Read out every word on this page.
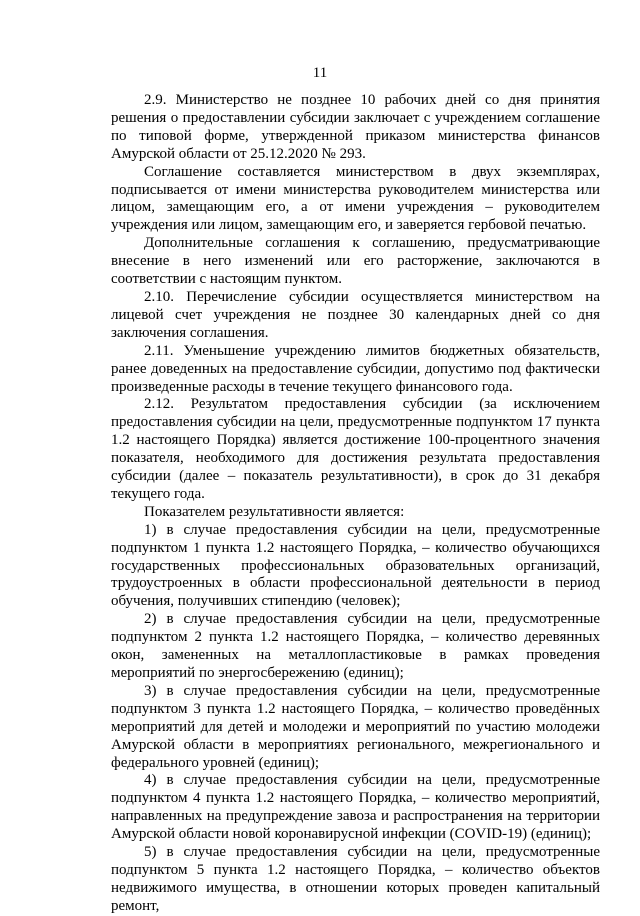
11

2.9. Министерство не позднее 10 рабочих дней со дня принятия решения о предоставлении субсидии заключает с учреждением соглашение по типовой форме, утвержденной приказом министерства финансов Амурской области от 25.12.2020 № 293.

Соглашение составляется министерством в двух экземплярах, подписывается от имени министерства руководителем министерства или лицом, замещающим его, а от имени учреждения – руководителем учреждения или лицом, замещающим его, и заверяется гербовой печатью.

Дополнительные соглашения к соглашению, предусматривающие внесение в него изменений или его расторжение, заключаются в соответствии с настоящим пунктом.

2.10. Перечисление субсидии осуществляется министерством на лицевой счет учреждения не позднее 30 календарных дней со дня заключения соглашения.

2.11. Уменьшение учреждению лимитов бюджетных обязательств, ранее доведенных на предоставление субсидии, допустимо под фактически произведенные расходы в течение текущего финансового года.

2.12. Результатом предоставления субсидии (за исключением предоставления субсидии на цели, предусмотренные подпунктом 17 пункта 1.2 настоящего Порядка) является достижение 100-процентного значения показателя, необходимого для достижения результата предоставления субсидии (далее – показатель результативности), в срок до 31 декабря текущего года.

Показателем результативности является:

1) в случае предоставления субсидии на цели, предусмотренные подпунктом 1 пункта 1.2 настоящего Порядка, – количество обучающихся государственных профессиональных образовательных организаций, трудоустроенных в области профессиональной деятельности в период обучения, получивших стипендию (человек);

2) в случае предоставления субсидии на цели, предусмотренные подпунктом 2 пункта 1.2 настоящего Порядка, – количество деревянных окон, замененных на металлопластиковые в рамках проведения мероприятий по энергосбережению (единиц);

3) в случае предоставления субсидии на цели, предусмотренные подпунктом 3 пункта 1.2 настоящего Порядка, – количество проведённых мероприятий для детей и молодежи и мероприятий по участию молодежи Амурской области в мероприятиях регионального, межрегионального и федерального уровней (единиц);

4) в случае предоставления субсидии на цели, предусмотренные подпунктом 4 пункта 1.2 настоящего Порядка, – количество мероприятий, направленных на предупреждение завоза и распространения на территории Амурской области новой коронавирусной инфекции (COVID-19) (единиц);

5) в случае предоставления субсидии на цели, предусмотренные подпунктом 5 пункта 1.2 настоящего Порядка, – количество объектов недвижимого имущества, в отношении которых проведен капитальный ремонт,
